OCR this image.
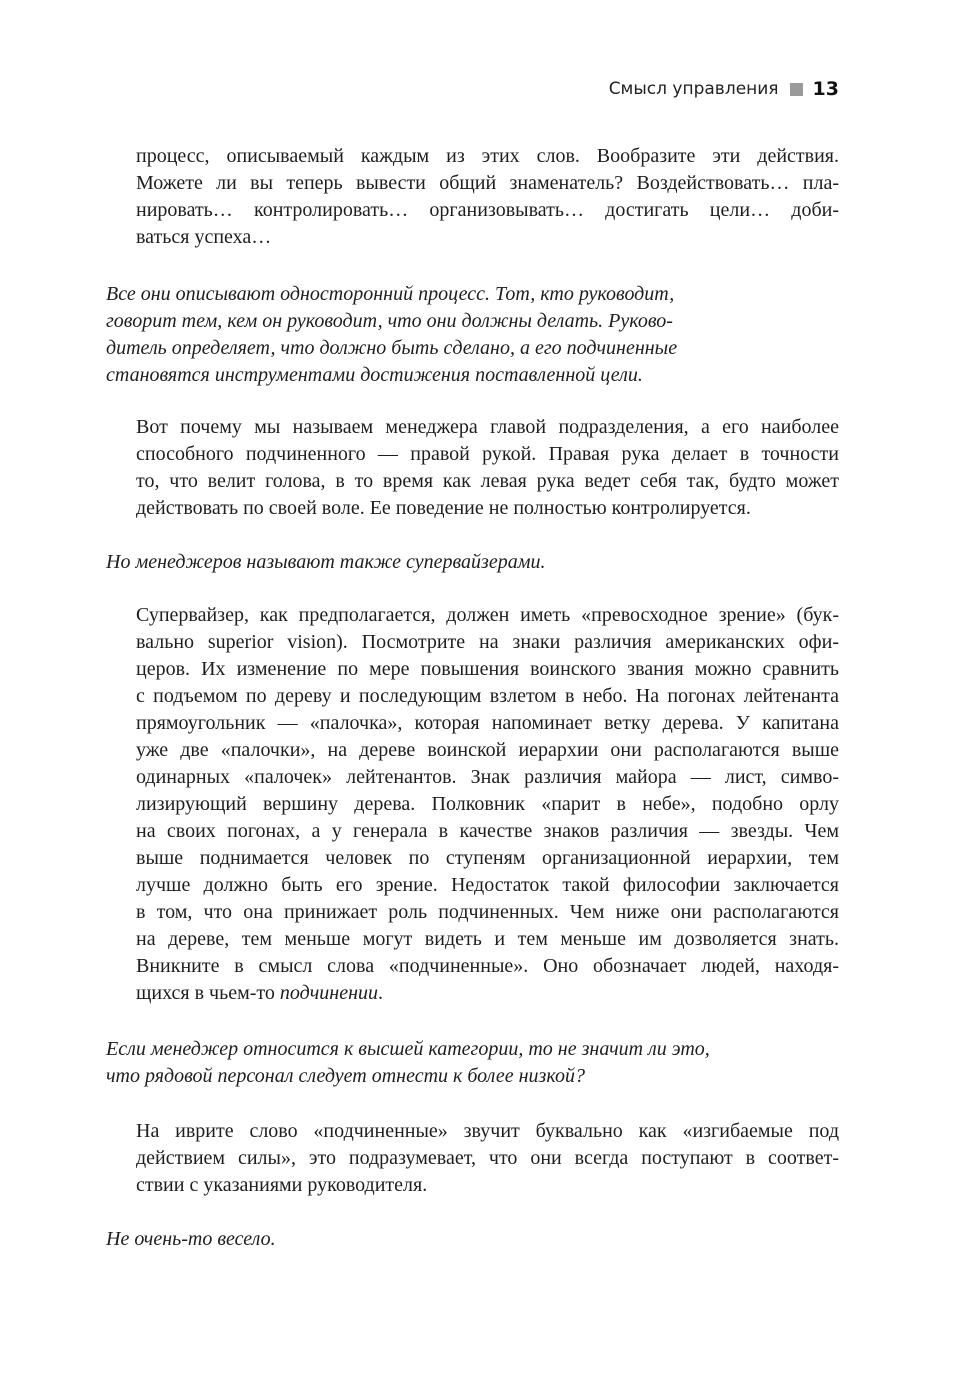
Смысл управления 13
процесс, описываемый каждым из этих слов. Вообразите эти действия.
Можете ли вы теперь вывести общий знаменатель? Воздействовать… пла-
нировать… контролировать… организовывать… достигать цели… доби-
ваться успеха…
Все они описывают односторонний процесс. Тот, кто руководит,
говорит тем, кем он руководит, что они должны делать. Руково-
дитель определяет, что должно быть сделано, а его подчиненные
становятся инструментами достижения поставленной цели.
Вот почему мы называем менеджера главой подразделения, а его наиболее
способного подчиненного — правой рукой. Правая рука делает в точности
то, что велит голова, в то время как левая рука ведет себя так, будто может
действовать по своей воле. Ее поведение не полностью контролируется.
Но менеджеров называют также супервайзерами.
Супервайзер, как предполагается, должен иметь «превосходное зрение» (бук-
вально superior vision). Посмотрите на знаки различия американских офи-
церов. Их изменение по мере повышения воинского звания можно сравнить
с подъемом по дереву и последующим взлетом в небо. На погонах лейтенанта
прямоугольник — «палочка», которая напоминает ветку дерева. У капитана
уже две «палочки», на дереве воинской иерархии они располагаются выше
одинарных «палочек» лейтенантов. Знак различия майора — лист, симво-
лизирующий вершину дерева. Полковник «парит в небе», подобно орлу
на своих погонах, а у генерала в качестве знаков различия — звезды. Чем
выше поднимается человек по ступеням организационной иерархии, тем
лучше должно быть его зрение. Недостаток такой философии заключается
в том, что она принижает роль подчиненных. Чем ниже они располагаются
на дереве, тем меньше могут видеть и тем меньше им дозволяется знать.
Вникните в смысл слова «подчиненные». Оно обозначает людей, находя-
щихся в чьем-то подчинении.
Если менеджер относится к высшей категории, то не значит ли это,
что рядовой персонал следует отнести к более низкой?
На иврите слово «подчиненные» звучит буквально как «изгибаемые под
действием силы», это подразумевает, что они всегда поступают в соответ-
ствии с указаниями руководителя.
Не очень-то весело.
